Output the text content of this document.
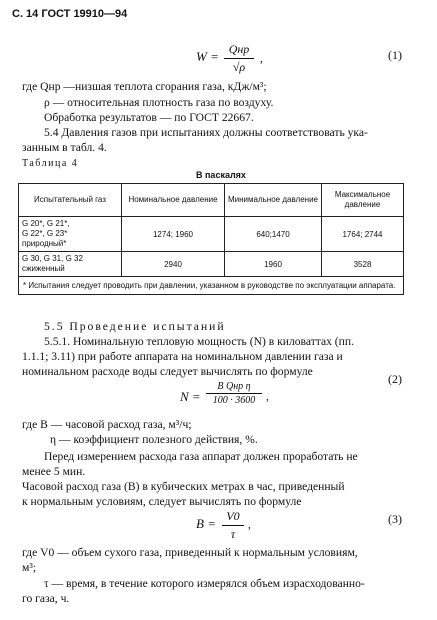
С. 14 ГОСТ 19910—94
W = Qнр
√ρ
,	(1)
где Qнр —низшая теплота сгорания газа, кДж/м³;
ρ — относительная плотность газа по воздуху.
Обработка результатов — по ГОСТ 22667.
5.4 Давления газов при испытаниях должны соответствовать ука-
занным в табл. 4.
Таблица 4
В паскалях
Испытательный газ	Номинальное давление	Минимальное давление	Максимальное давление

G 20*, G 21*,
G 22*, G 23*
природный*	1274; 1960	640;1470	1764; 2744

G 30, G 31, G 32
сжиженный	2940	1960	3528
* Испытания следует проводить при давлении, указанном в руководстве по эксплуатации аппарата.			
5.5 Проведение испытаний
5.5.1. Номинальную тепловую мощность (N) в киловаттах (пп.
1.1.1; 3.11) при работе аппарата на номинальном давлении газа и
номинальном расходе воды следует вычислять по формуле
N =
B Qнр η
100 · 3600 ,
(2)
где B — часовой расход газа, м³/ч;
η — коэффициент полезного действия, %.
Перед измерением расхода газа аппарат должен проработать не
менее 5 мин.
Часовой расход газа (B) в кубических метрах в час, приведенный
к нормальным условиям, следует вычислять по формуле
$B = \frac{V0}{\tau}$ ,	(3)
где V0 — объем сухого газа, приведенный к нормальным условиям,
м³;
τ — время, в течение которого измерялся объем израсходованно-
го газа, ч.
